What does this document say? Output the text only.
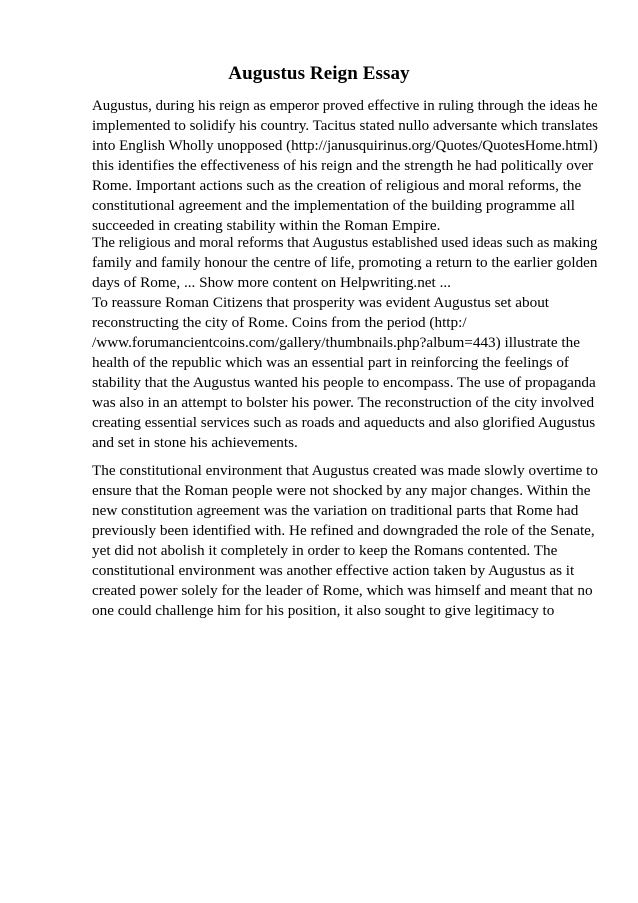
Augustus Reign Essay
Augustus, during his reign as emperor proved effective in ruling through the ideas he
implemented to solidify his country. Tacitus stated nullo adversante which translates
into English Wholly unopposed (http://janusquirinus.org/Quotes/QuotesHome.html)
this identifies the effectiveness of his reign and the strength he had politically over
Rome. Important actions such as the creation of religious and moral reforms, the
constitutional agreement and the implementation of the building programme all
succeeded in creating stability within the Roman Empire.
The religious and moral reforms that Augustus established used ideas such as making
family and family honour the centre of life, promoting a return to the earlier golden
days of Rome, ... Show more content on Helpwriting.net ...
To reassure Roman Citizens that prosperity was evident Augustus set about
reconstructing the city of Rome. Coins from the period (http:/
/www.forumancientcoins.com/gallery/thumbnails.php?album=443) illustrate the
health of the republic which was an essential part in reinforcing the feelings of
stability that the Augustus wanted his people to encompass. The use of propaganda
was also in an attempt to bolster his power. The reconstruction of the city involved
creating essential services such as roads and aqueducts and also glorified Augustus
and set in stone his achievements.
The constitutional environment that Augustus created was made slowly overtime to
ensure that the Roman people were not shocked by any major changes. Within the
new constitution agreement was the variation on traditional parts that Rome had
previously been identified with. He refined and downgraded the role of the Senate,
yet did not abolish it completely in order to keep the Romans contented. The
constitutional environment was another effective action taken by Augustus as it
created power solely for the leader of Rome, which was himself and meant that no
one could challenge him for his position, it also sought to give legitimacy to
